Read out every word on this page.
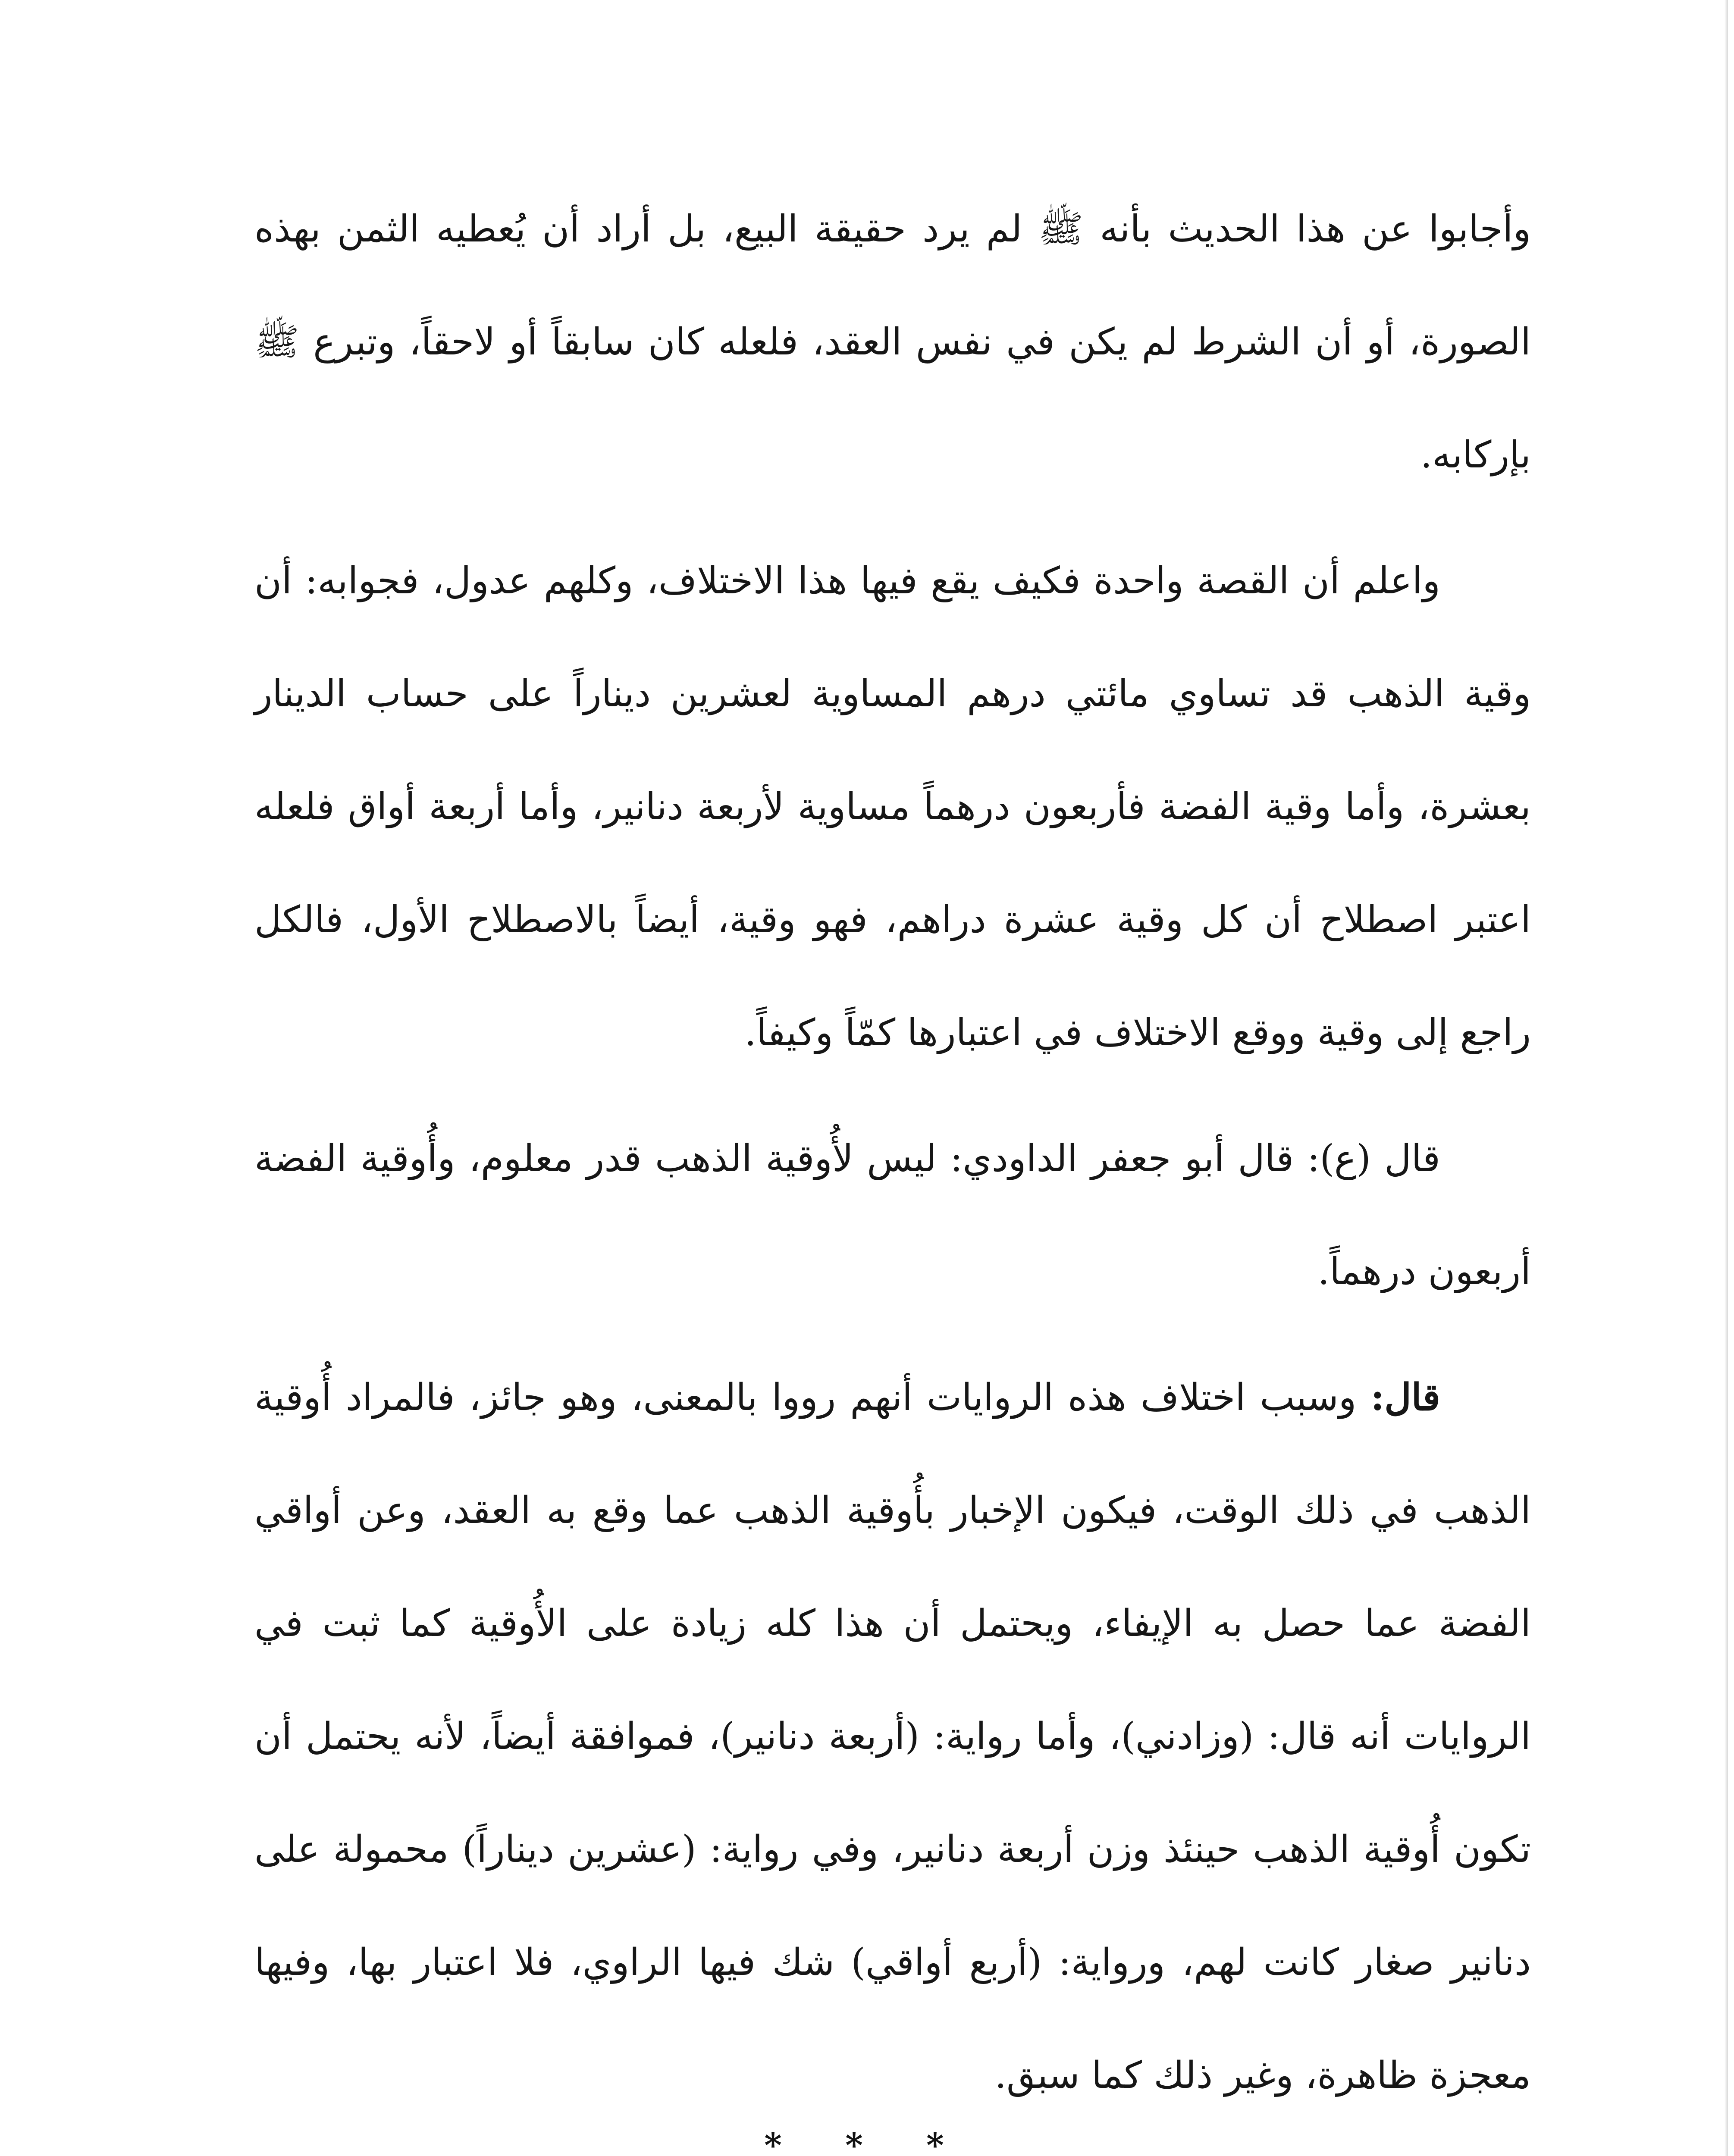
وأجابوا عن هذا الحديث بأنه ﷺ لم يرد حقيقة البيع، بل أراد أن يُعطيه الثمن بهذه الصورة، أو أن الشرط لم يكن في نفس العقد، فلعله كان سابقاً أو لاحقاً، وتبرع ﷺ بإركابه.

واعلم أن القصة واحدة فكيف يقع فيها هذا الاختلاف، وكلهم عدول، فجوابه: أن وقية الذهب قد تساوي مائتي درهم المساوية لعشرين ديناراً على حساب الدينار بعشرة، وأما وقية الفضة فأربعون درهماً مساوية لأربعة دنانير، وأما أربعة أواق فلعله اعتبر اصطلاح أن كل وقية عشرة دراهم، فهو وقية، أيضاً بالاصطلاح الأول، فالكل راجع إلى وقية ووقع الاختلاف في اعتبارها كمّاً وكيفاً.

قال (ع): قال أبو جعفر الداودي: ليس لأُوقية الذهب قدر معلوم، وأُوقية الفضة أربعون درهماً.

قال: وسبب اختلاف هذه الروايات أنهم رووا بالمعنى، وهو جائز، فالمراد أُوقية الذهب في ذلك الوقت، فيكون الإخبار بأُوقية الذهب عما وقع به العقد، وعن أواقي الفضة عما حصل به الإيفاء، ويحتمل أن هذا كله زيادة على الأُوقية كما ثبت في الروايات أنه قال: (وزادني)، وأما رواية: (أربعة دنانير)، فموافقة أيضاً، لأنه يحتمل أن تكون أُوقية الذهب حينئذ وزن أربعة دنانير، وفي رواية: (عشرين ديناراً) محمولة على دنانير صغار كانت لهم، ورواية: (أربع أواقي) شك فيها الراوي، فلا اعتبار بها، وفيها معجزة ظاهرة، وغير ذلك كما سبق.

* * *
